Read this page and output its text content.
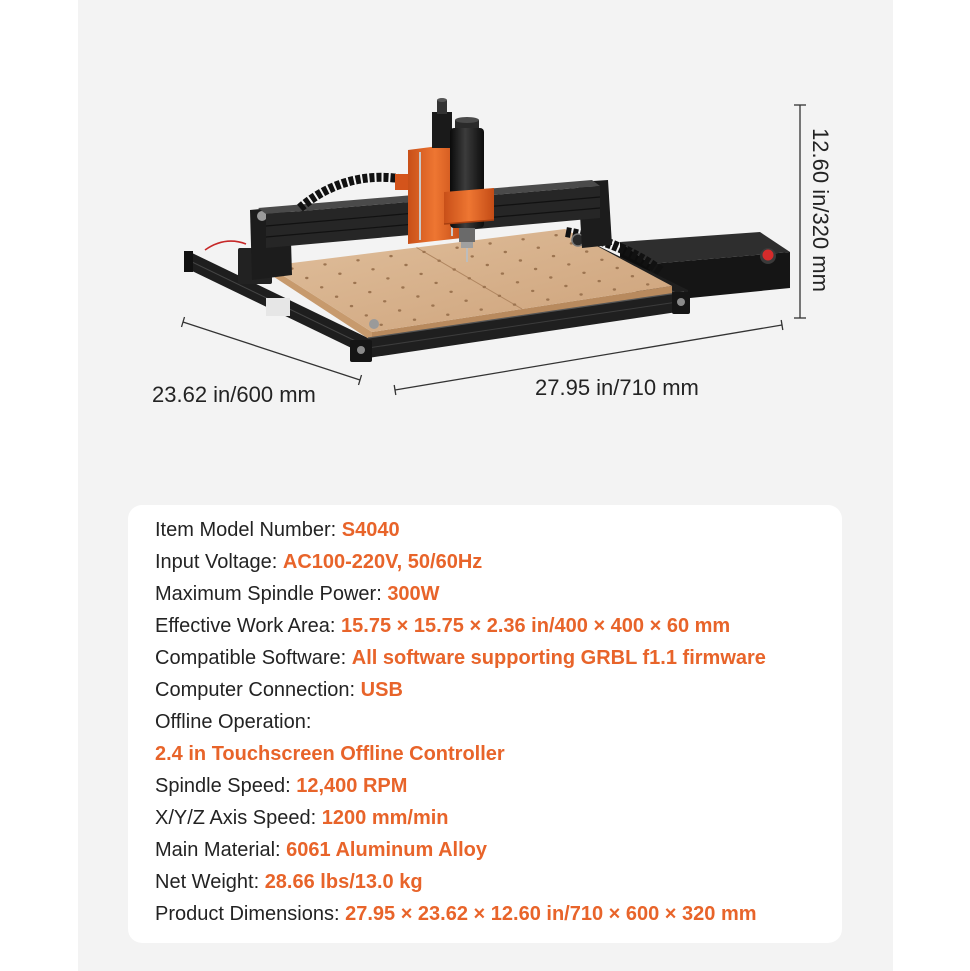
12.60 in/320 mm
23.62 in/600 mm	27.95 in/710 mm
Item Model Number: S4040
Input Voltage: AC100-220V, 50/60Hz
Maximum Spindle Power: 300W
Effective Work Area: 15.75 × 15.75 × 2.36 in/400 × 400 × 60 mm
Compatible Software: All software supporting GRBL f1.1 firmware
Computer Connection: USB
Offline Operation:
2.4 in Touchscreen Offline Controller
Spindle Speed: 12,400 RPM
X/Y/Z Axis Speed: 1200 mm/min
Main Material: 6061 Aluminum Alloy
Net Weight: 28.66 lbs/13.0 kg
Product Dimensions: 27.95 × 23.62 × 12.60 in/710 × 600 × 320 mm
